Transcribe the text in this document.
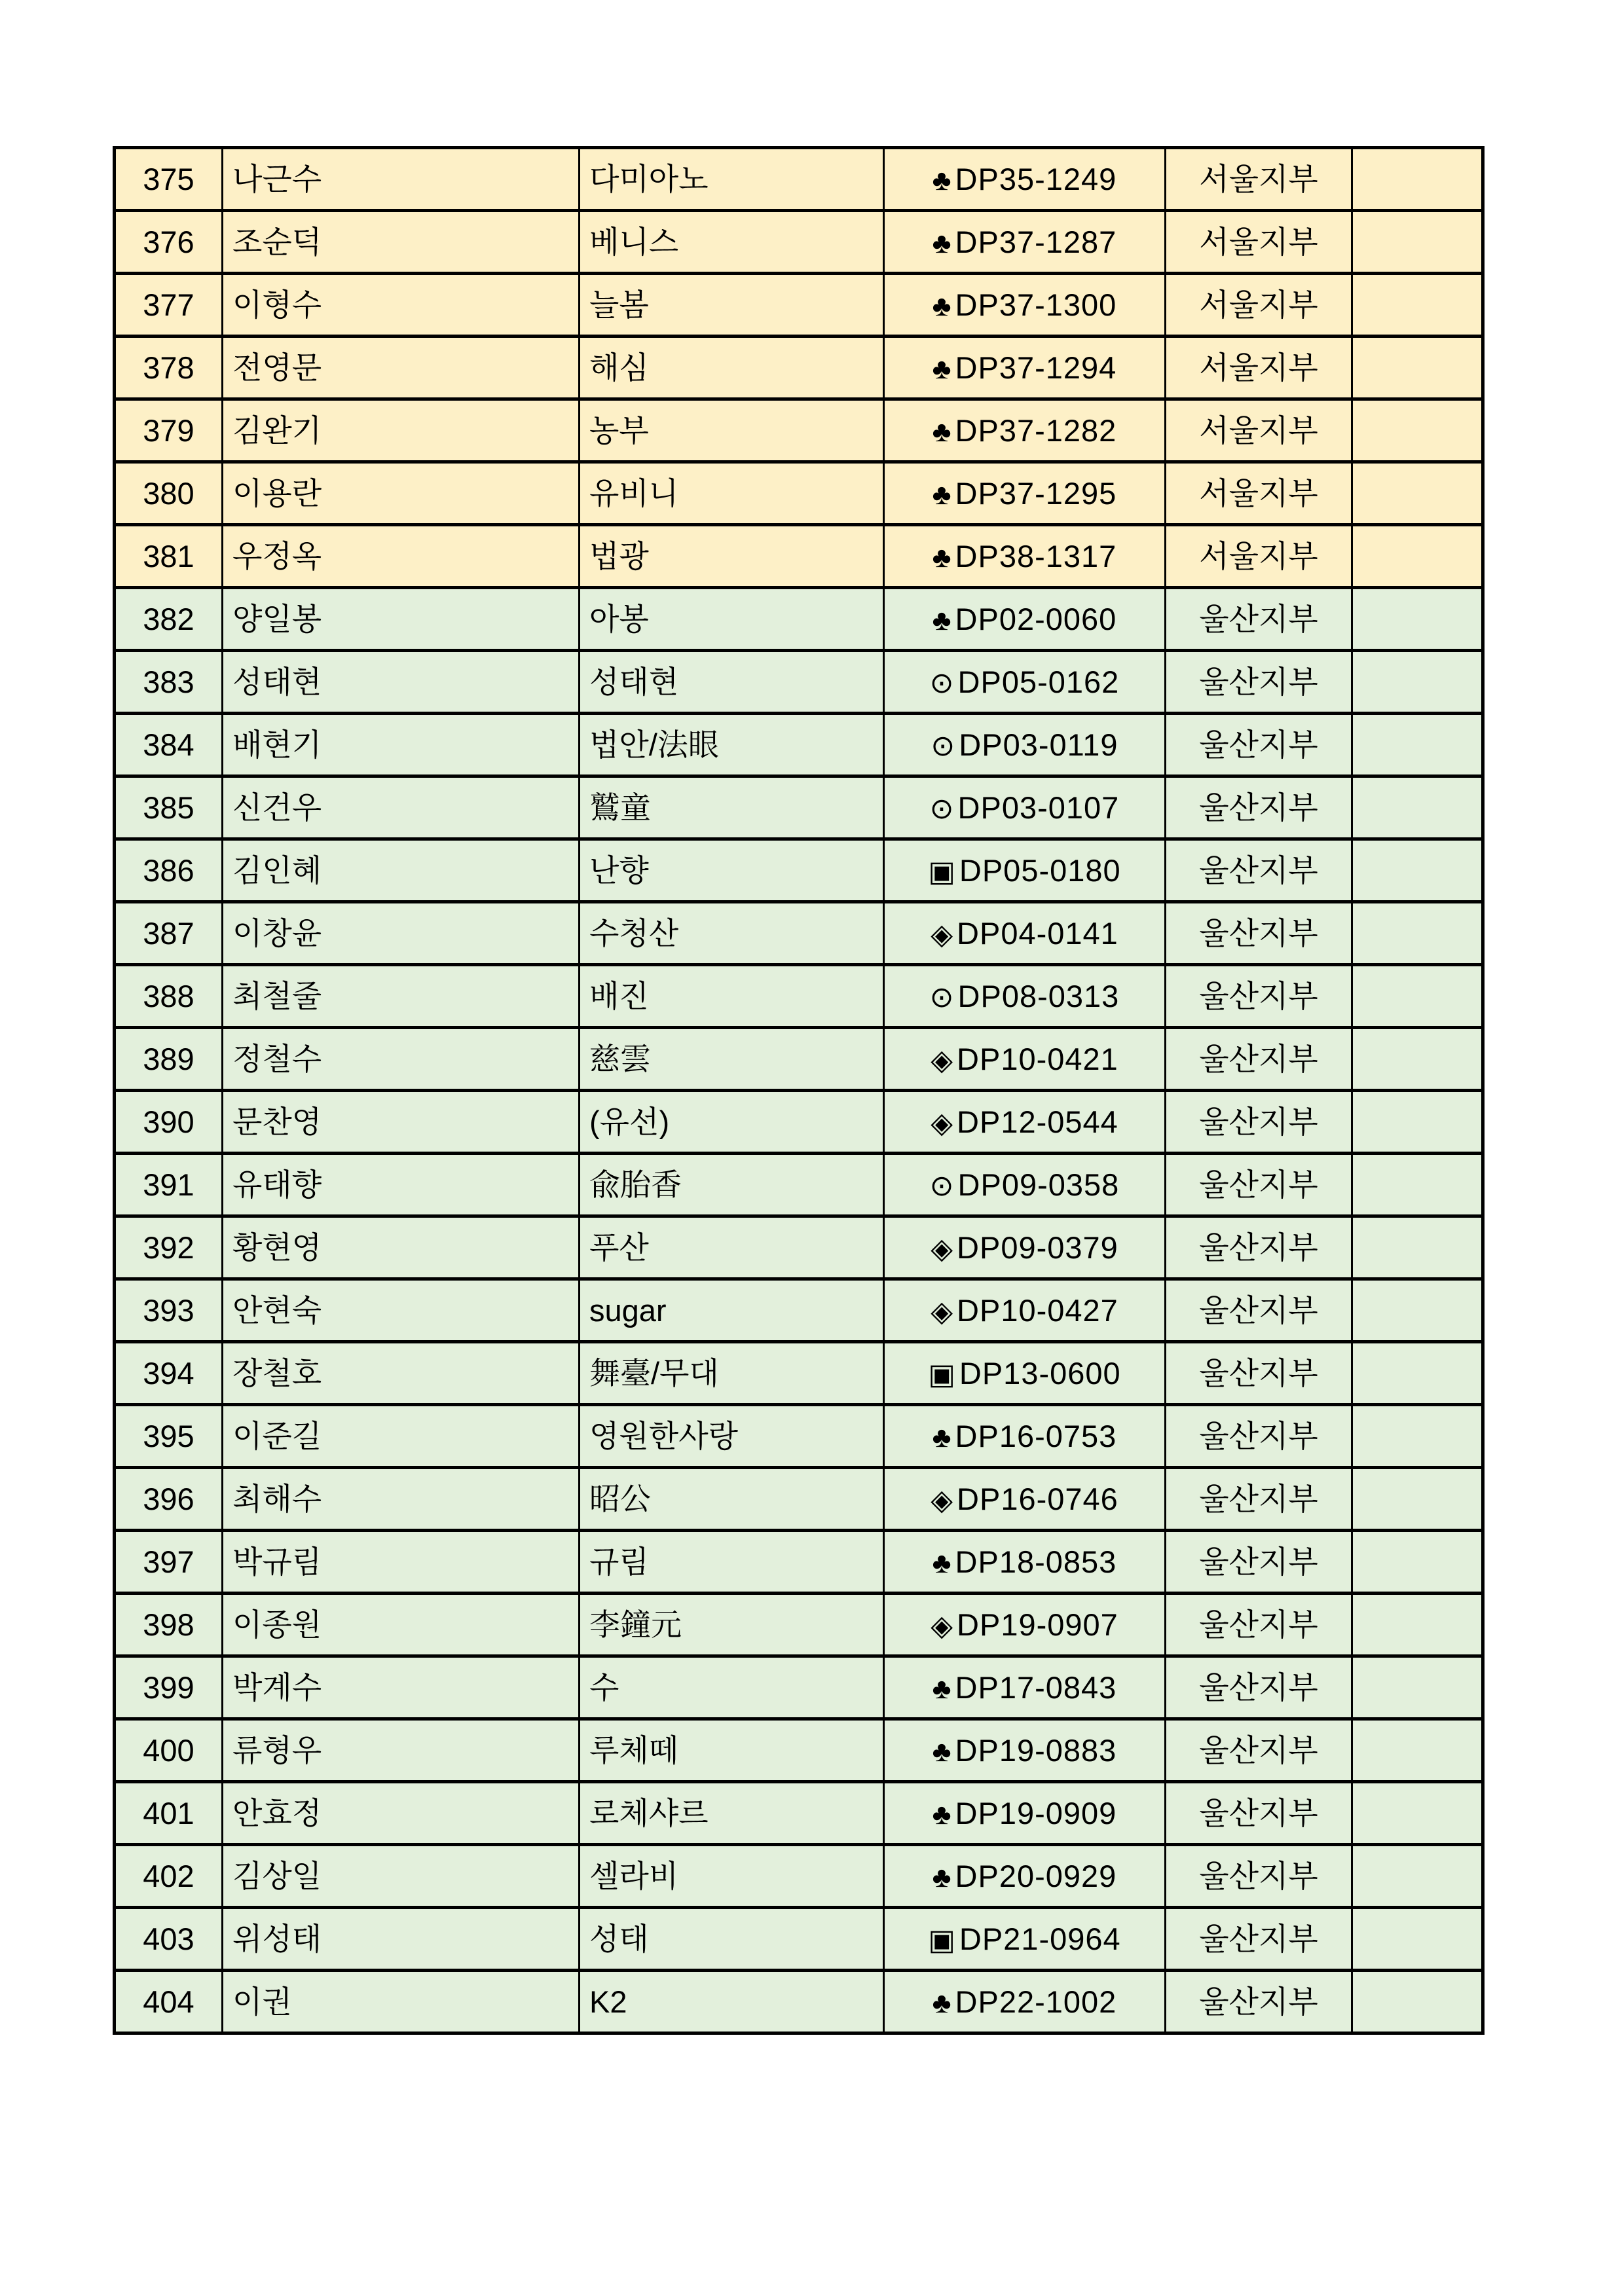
375	나근수	다미아노	♣ DP35-1249	서울지부	
376	조순덕	베니스	♣ DP37-1287	서울지부	
377	이형수	늘봄	♣ DP37-1300	서울지부	
378	전영문	해심	♣ DP37-1294	서울지부	
379	김완기	농부	♣ DP37-1282	서울지부	
380	이용란	유비니	♣ DP37-1295	서울지부	
381	우정옥	법광	♣ DP38-1317	서울지부	
382	양일봉	아봉	♣ DP02-0060	울산지부	
383	성태현	성태현	⊙ DP05-0162	울산지부	
384	배현기	법안/法眼	⊙ DP03-0119	울산지부	
385	신건우	鷲童	⊙ DP03-0107	울산지부	
386	김인혜	난향	▣ DP05-0180	울산지부	
387	이창윤	수청산	◈ DP04-0141	울산지부	
388	최철줄	배진	⊙ DP08-0313	울산지부	
389	정철수	慈雲	◈ DP10-0421	울산지부	
390	문찬영	(유선)	◈ DP12-0544	울산지부	
391	유태향	兪胎香	⊙ DP09-0358	울산지부	
392	황현영	푸산	◈ DP09-0379	울산지부	
393	안현숙	sugar	◈ DP10-0427	울산지부	
394	장철호	舞臺/무대	▣ DP13-0600	울산지부	
395	이준길	영원한사랑	♣ DP16-0753	울산지부	
396	최해수	昭公	◈ DP16-0746	울산지부	
397	박규림	규림	♣ DP18-0853	울산지부	
398	이종원	李鐘元	◈ DP19-0907	울산지부	
399	박계수	수	♣ DP17-0843	울산지부	
400	류형우	루체떼	♣ DP19-0883	울산지부	
401	안효정	로체샤르	♣ DP19-0909	울산지부	
402	김상일	셀라비	♣ DP20-0929	울산지부	
403	위성태	성태	▣ DP21-0964	울산지부	
404	이권	K2	♣ DP22-1002	울산지부	
